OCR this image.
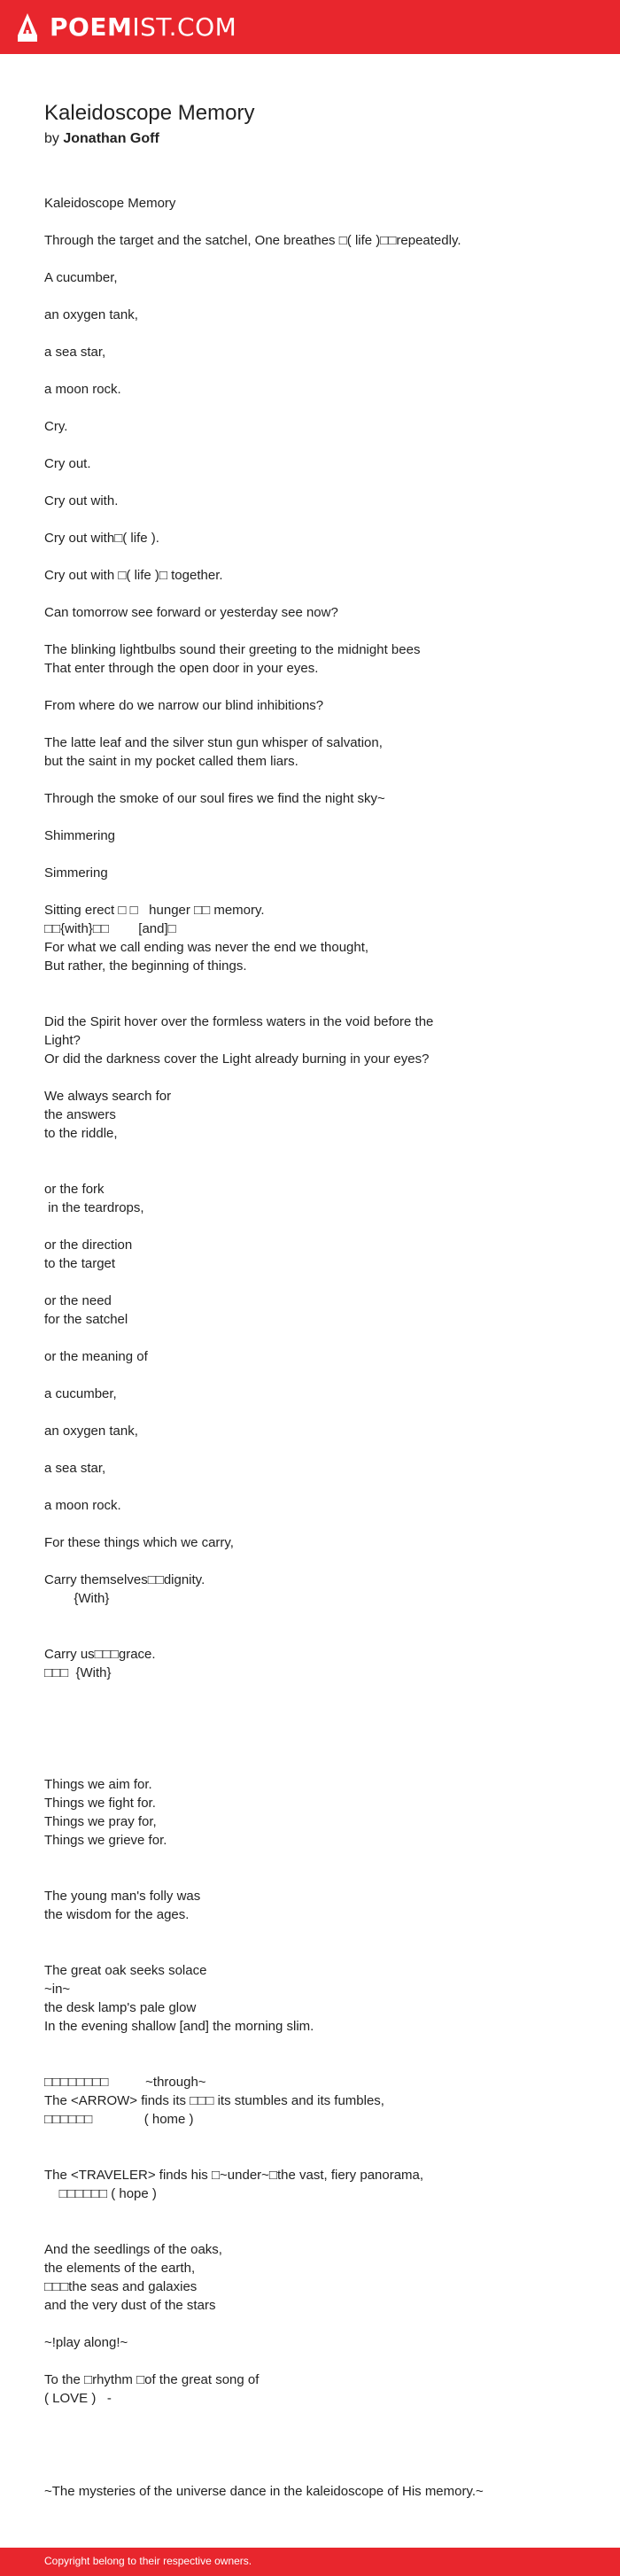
POEMIST.COM
Kaleidoscope Memory
by Jonathan Goff
Kaleidoscope Memory
Through the target and the satchel, One breathes □( life )□□repeatedly.
A cucumber,
an oxygen tank,
a sea star,
a moon rock.
Cry.
Cry out.
Cry out with.
Cry out with□( life ).
Cry out with □( life )□ together.
Can tomorrow see forward or yesterday see now?
The blinking lightbulbs sound their greeting to the midnight bees
That enter through the open door in your eyes.
From where do we narrow our blind inhibitions?
The latte leaf and the silver stun gun whisper of salvation,
but the saint in my pocket called them liars.
Through the smoke of our soul fires we find the night sky~
Shimmering
Simmering
Sitting erect □ □   hunger □□ memory.
□□{with}□□        [and]□
For what we call ending was never the end we thought,
But rather, the beginning of things.
Did the Spirit hover over the formless waters in the void before the
Light?
Or did the darkness cover the Light already burning in your eyes?
We always search for
the answers
to the riddle,
or the fork
in the teardrops,
or the direction
to the target
or the need
for the satchel
or the meaning of
a cucumber,
an oxygen tank,
a sea star,
a moon rock.
For these things which we carry,
Carry themselves□□dignity.
{With}
Carry us□□□grace.
□□□  {With}
Things we aim for.
Things we fight for.
Things we pray for,
Things we grieve for.
The young man's folly was
the wisdom for the ages.
The great oak seeks solace
~in~
the desk lamp's pale glow
In the evening shallow [and] the morning slim.
□□□□□□□□          ~through~
The <ARROW> finds its □□□ its stumbles and its fumbles,
□□□□□□              ( home )
The <TRAVELER> finds his □~under~□the vast, fiery panorama,
□□□□□□ ( hope )
And the seedlings of the oaks,
the elements of the earth,
□□□the seas and galaxies
and the very dust of the stars
~!play along!~
To the □rhythm □of the great song of
( LOVE )   -
~The mysteries of the universe dance in the kaleidoscope of His memory.~
Copyright belong to their respective owners.
